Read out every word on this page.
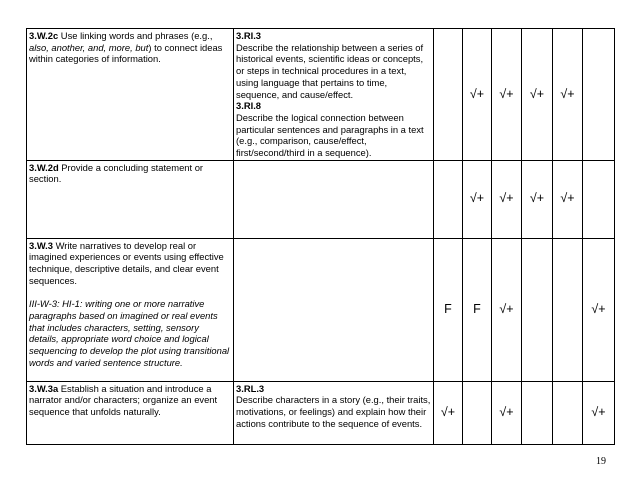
3.W.2c Use linking words and phrases (e.g., also, another, and, more, but) to connect ideas within categories of information.	3.RI.3
Describe the relationship between a series of historical events, scientific ideas or concepts, or steps in technical procedures in a text, using language that pertains to time, sequence, and cause/effect.
3.RI.8
Describe the logical connection between particular sentences and paragraphs in a text (e.g., comparison, cause/effect, first/second/third in a sequence).		√+	√+	√+	√+	
3.W.2d Provide a concluding statement or section.			√+	√+	√+	√+	
3.W.3 Write narratives to develop real or imagined experiences or events using effective technique, descriptive details, and clear event sequences.
III-W-3: HI-1: writing one or more narrative paragraphs based on imagined or real events that includes characters, setting, sensory details, appropriate word choice and logical sequencing to develop the plot using transitional words and varied sentence structure.		F	F	√+			√+
3.W.3a Establish a situation and introduce a narrator and/or characters; organize an event sequence that unfolds naturally.	3.RL.3
Describe characters in a story (e.g., their traits, motivations, or feelings) and explain how their actions contribute to the sequence of events.	√+		√+			√+
19
